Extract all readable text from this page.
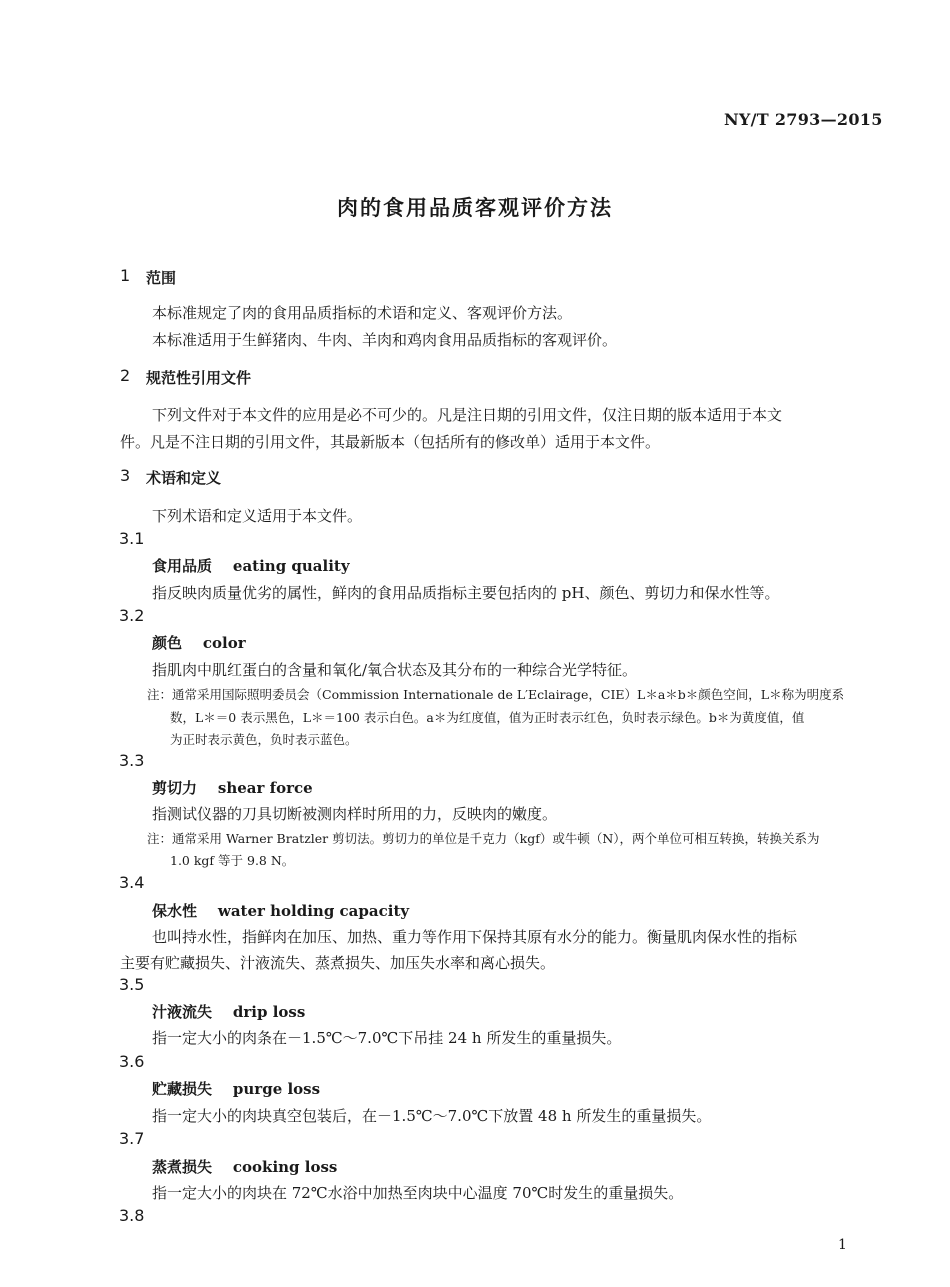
NY/T 2793—2015
肉的食用品质客观评价方法
1 范围
本标准规定了肉的食用品质指标的术语和定义、客观评价方法。
本标准适用于生鲜猪肉、牛肉、羊肉和鸡肉食用品质指标的客观评价。
2 规范性引用文件
下列文件对于本文件的应用是必不可少的。凡是注日期的引用文件，仅注日期的版本适用于本文
件。凡是不注日期的引用文件，其最新版本（包括所有的修改单）适用于本文件。
3 术语和定义
下列术语和定义适用于本文件。
3.1
食用品质 eating quality
指反映肉质量优劣的属性，鲜肉的食用品质指标主要包括肉的 pH、颜色、剪切力和保水性等。
3.2
颜色 color
指肌肉中肌红蛋白的含量和氧化/氧合状态及其分布的一种综合光学特征。
注：通常采用国际照明委员会（Commission Internationale de L′Eclairage，CIE）L＊a＊b＊颜色空间，L＊称为明度系
数，L＊＝0 表示黑色，L＊＝100 表示白色。a＊为红度值，值为正时表示红色，负时表示绿色。b＊为黄度值，值
为正时表示黄色，负时表示蓝色。
3.3
剪切力 shear force
指测试仪器的刀具切断被测肉样时所用的力，反映肉的嫩度。
注：通常采用 Warner Bratzler 剪切法。剪切力的单位是千克力（kgf）或牛顿（N），两个单位可相互转换，转换关系为
1.0 kgf 等于 9.8 N。
3.4
保水性 water holding capacity
也叫持水性，指鲜肉在加压、加热、重力等作用下保持其原有水分的能力。衡量肌肉保水性的指标
主要有贮藏损失、汁液流失、蒸煮损失、加压失水率和离心损失。
3.5
汁液流失 drip loss
指一定大小的肉条在－1.5℃～7.0℃下吊挂 24 h 所发生的重量损失。
3.6
贮藏损失 purge loss
指一定大小的肉块真空包装后，在－1.5℃～7.0℃下放置 48 h 所发生的重量损失。
3.7
蒸煮损失 cooking loss
指一定大小的肉块在 72℃水浴中加热至肉块中心温度 70℃时发生的重量损失。
3.8
1
